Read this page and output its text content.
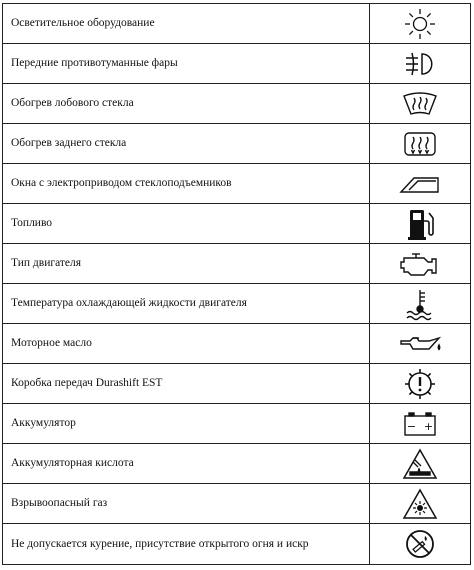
Осветительное оборудование	

Передние противотуманные фары	

Обогрев лобового стекла	

Обогрев заднего стекла	

Окна с электроприводом стеклоподъемников	

Топливо	

Тип двигателя	

Температура охлаждающей жидкости двигателя	

Моторное масло	

Коробка передач Durashift EST	

Аккумулятор	− +

Аккумуляторная кислота	

Взрывоопасный газ	

Не допускается курение, присутствие открытого огня и искр	
